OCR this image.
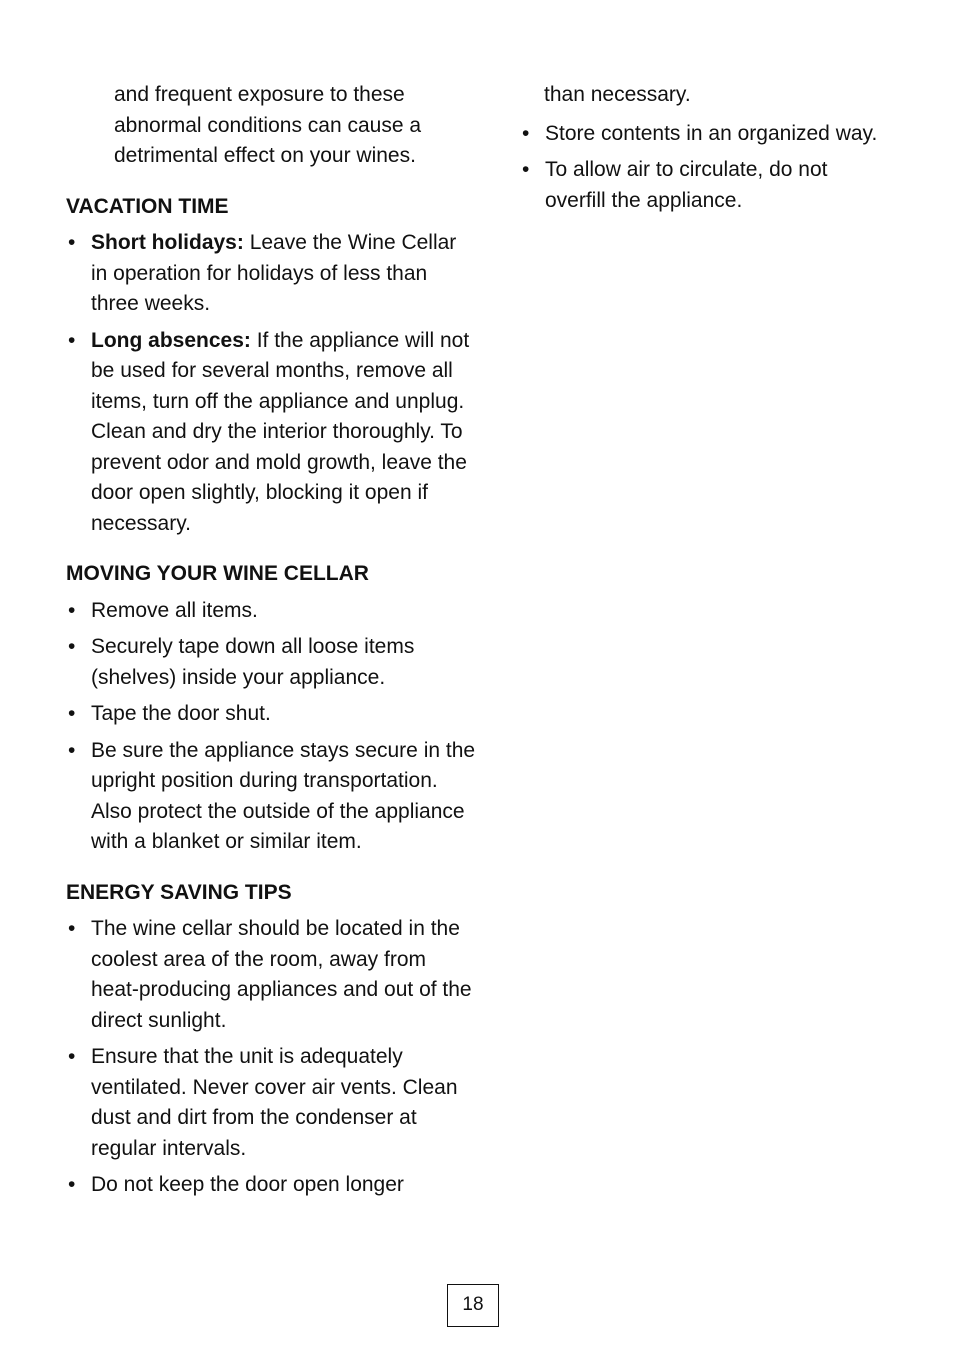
and frequent exposure to these abnormal conditions can cause a detrimental effect on your wines.

VACATION TIME
• Short holidays: Leave the Wine Cellar in operation for holidays of less than three weeks.
• Long absences: If the appliance will not be used for several months, remove all items, turn off the appliance and unplug. Clean and dry the interior thoroughly. To prevent odor and mold growth, leave the door open slightly, blocking it open if necessary.
MOVING YOUR WINE CELLAR
• Remove all items.
• Securely tape down all loose items (shelves) inside your appliance.
• Tape the door shut.
• Be sure the appliance stays secure in the upright position during transportation. Also protect the outside of the appliance with a blanket or similar item.
ENERGY SAVING TIPS
• The wine cellar should be located in the coolest area of the room, away from heat-producing appliances and out of the direct sunlight.
• Ensure that the unit is adequately ventilated. Never cover air vents. Clean dust and dirt from the condenser at regular intervals.
• Do not keep the door open longer

than necessary.

• Store contents in an organized way.
• To allow air to circulate, do not overfill the appliance.
18
